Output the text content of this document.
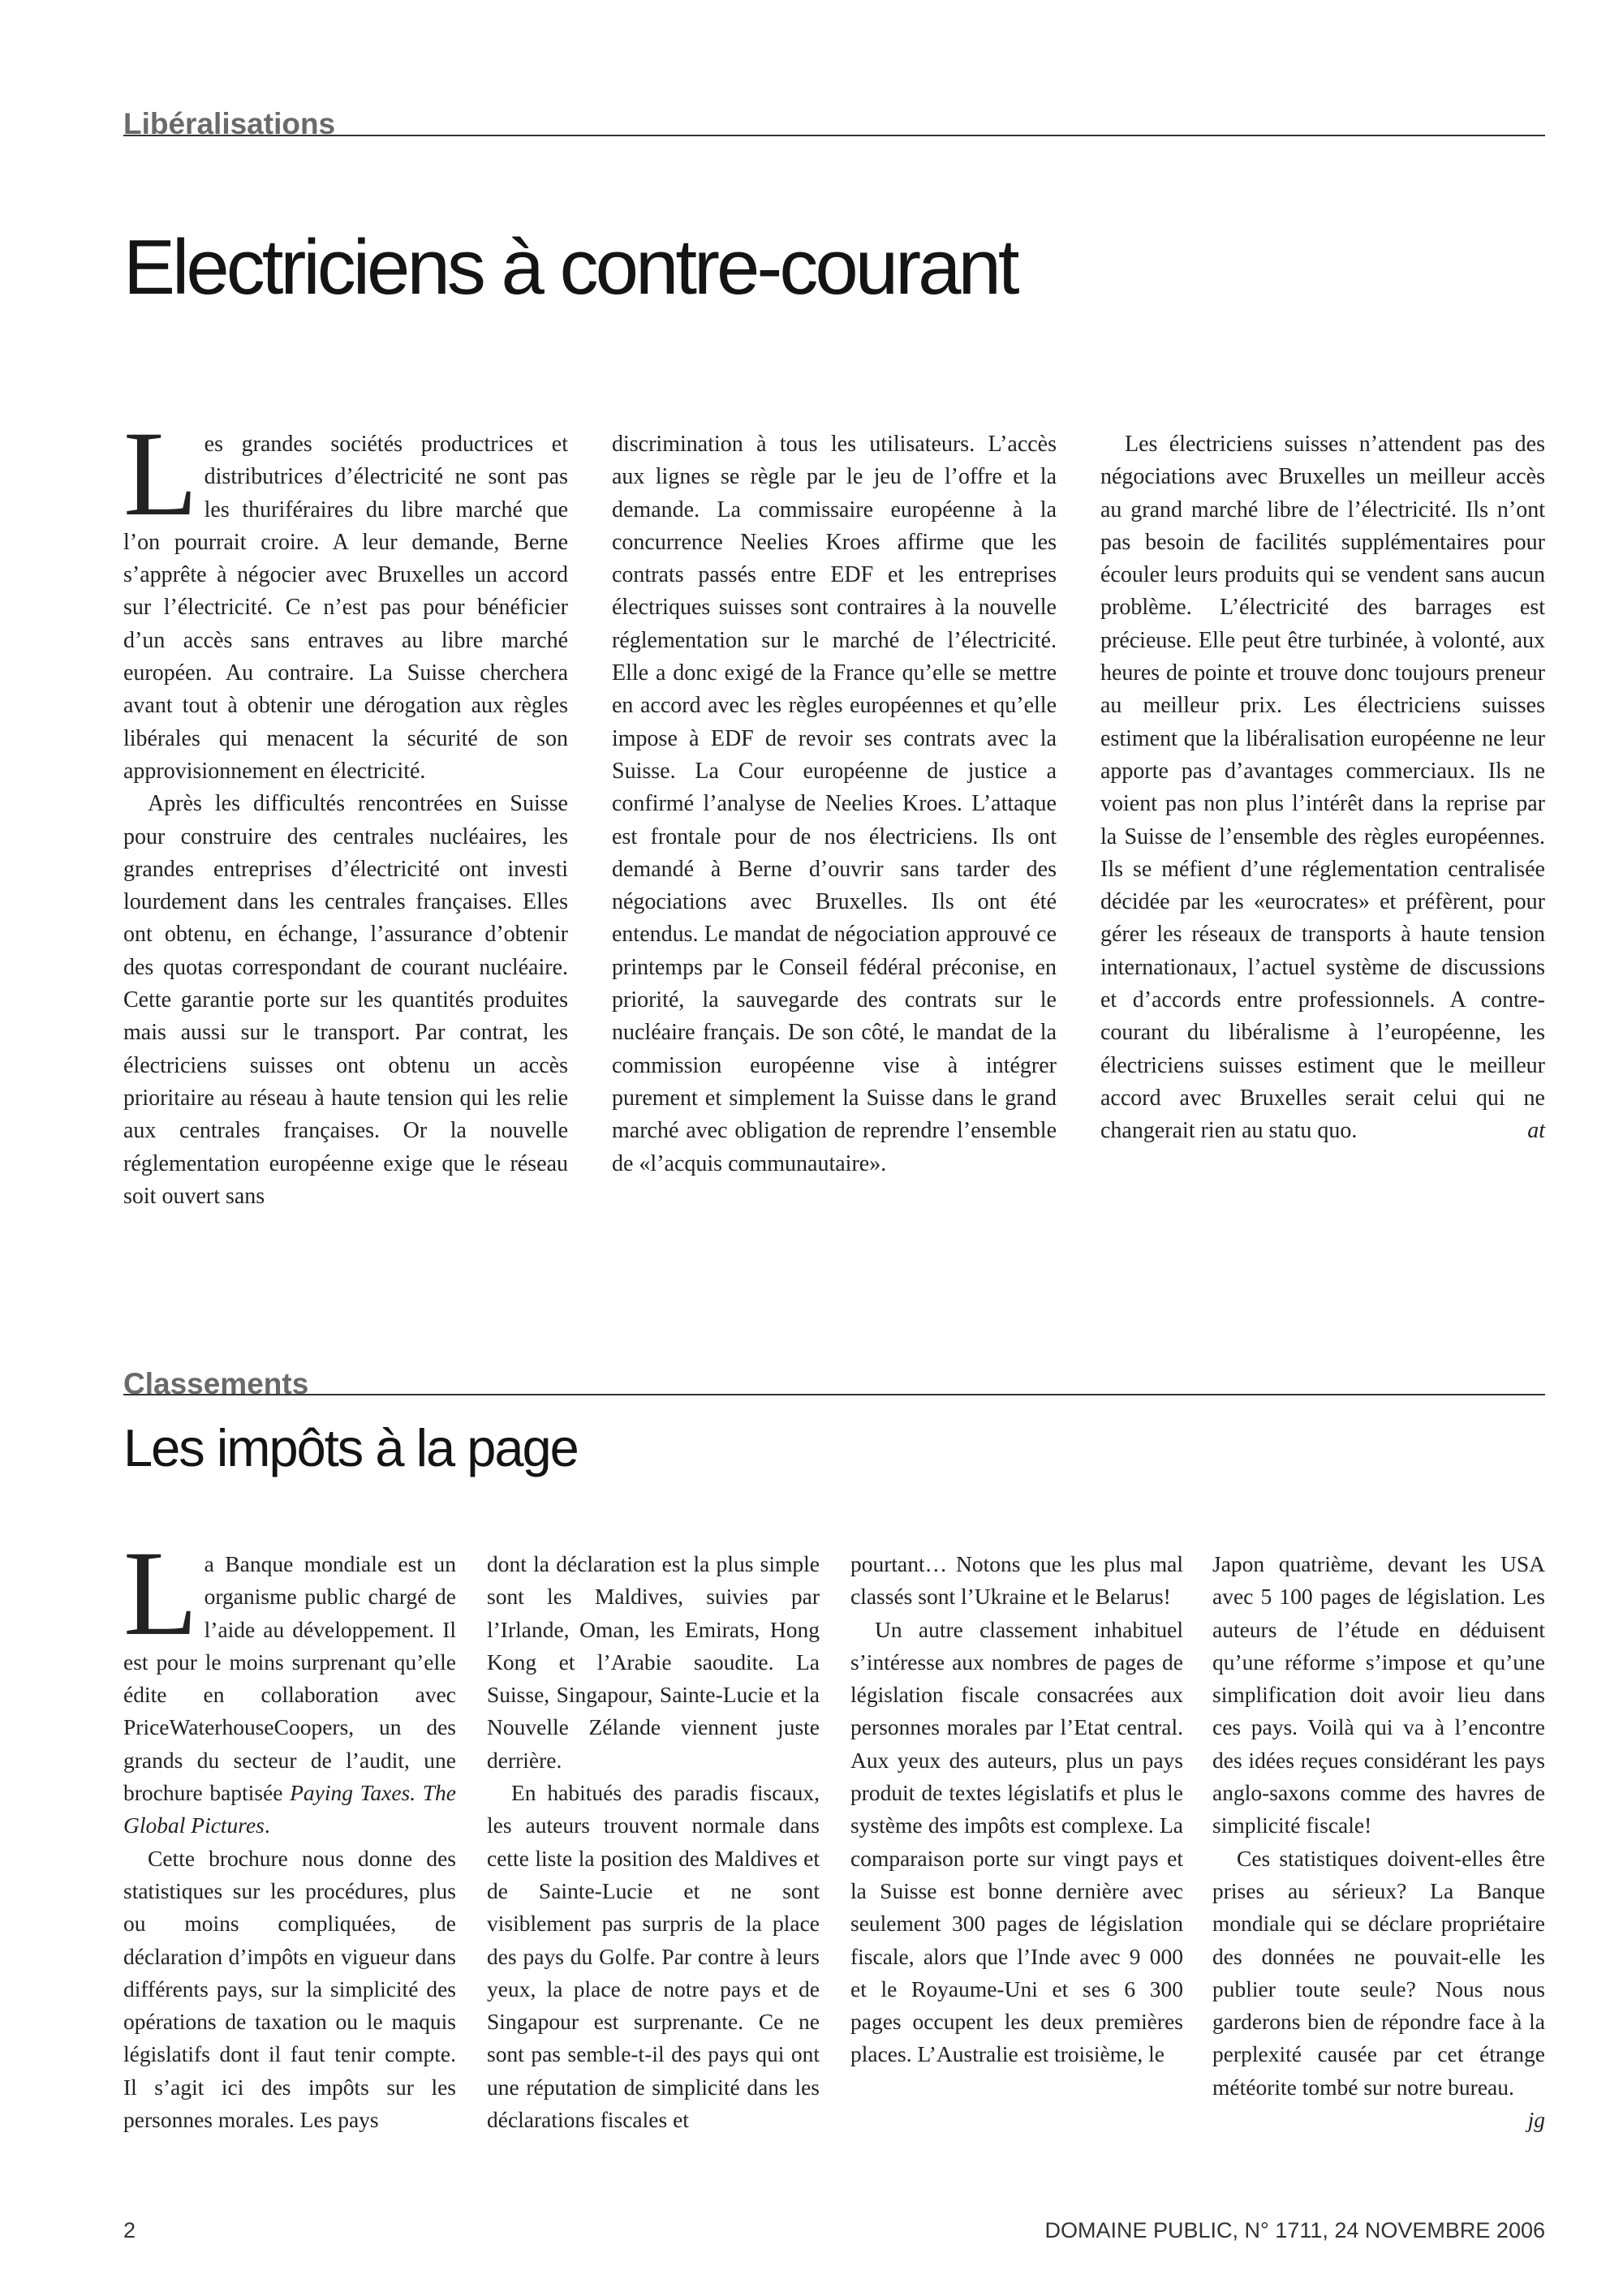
Libéralisations
Electriciens à contre-courant

Les grandes sociétés productrices et distributrices d’électricité ne sont pas les thuriféraires du libre marché que l’on pourrait croire. A leur demande, Berne s’apprête à négocier avec Bruxelles un accord sur l’électricité. Ce n’est pas pour bénéficier d’un accès sans entraves au libre marché européen. Au contraire. La Suisse cherchera avant tout à obtenir une dérogation aux règles libérales qui menacent la sécurité de son approvisionnement en électricité.

Après les difficultés rencontrées en Suisse pour construire des centrales nucléaires, les grandes entreprises d’électricité ont investi lourdement dans les centrales françaises. Elles ont obtenu, en échange, l’assurance d’obtenir des quotas correspondant de courant nucléaire. Cette garantie porte sur les quantités produites mais aussi sur le transport. Par contrat, les électriciens suisses ont obtenu un accès prioritaire au réseau à haute tension qui les relie aux centrales françaises. Or la nouvelle réglementation européenne exige que le réseau soit ouvert sans

discrimination à tous les utilisateurs. L’accès aux lignes se règle par le jeu de l’offre et la demande. La commissaire européenne à la concurrence Neelies Kroes affirme que les contrats passés entre EDF et les entreprises électriques suisses sont contraires à la nouvelle réglementation sur le marché de l’électricité. Elle a donc exigé de la France qu’elle se mettre en accord avec les règles européennes et qu’elle impose à EDF de revoir ses contrats avec la Suisse. La Cour européenne de justice a confirmé l’analyse de Neelies Kroes. L’attaque est frontale pour de nos électriciens. Ils ont demandé à Berne d’ouvrir sans tarder des négociations avec Bruxelles. Ils ont été entendus. Le mandat de négociation approuvé ce printemps par le Conseil fédéral préconise, en priorité, la sauvegarde des contrats sur le nucléaire français. De son côté, le mandat de la commission européenne vise à intégrer purement et simplement la Suisse dans le grand marché avec obligation de reprendre l’ensemble de «l’acquis communautaire».

Les électriciens suisses n’attendent pas des négociations avec Bruxelles un meilleur accès au grand marché libre de l’électricité. Ils n’ont pas besoin de facilités supplémentaires pour écouler leurs produits qui se vendent sans aucun problème. L’électricité des barrages est précieuse. Elle peut être turbinée, à volonté, aux heures de pointe et trouve donc toujours preneur au meilleur prix. Les électriciens suisses estiment que la libéralisation européenne ne leur apporte pas d’avantages commerciaux. Ils ne voient pas non plus l’intérêt dans la reprise par la Suisse de l’ensemble des règles européennes. Ils se méfient d’une réglementation centralisée décidée par les «eurocrates» et préfèrent, pour gérer les réseaux de transports à haute tension internationaux, l’actuel système de discussions et d’accords entre professionnels. A contre-courant du libéralisme à l’européenne, les électriciens suisses estiment que le meilleur accord avec Bruxelles serait celui qui ne changerait rien au statu quo.	at

Classements
Les impôts à la page

La Banque mondiale est un organisme public chargé de l’aide au développement. Il est pour le moins surprenant qu’elle édite en collaboration avec PriceWaterhouseCoopers, un des grands du secteur de l’audit, une brochure baptisée Paying Taxes. The Global Pictures.

Cette brochure nous donne des statistiques sur les procédures, plus ou moins compliquées, de déclaration d’impôts en vigueur dans différents pays, sur la simplicité des opérations de taxation ou le maquis législatifs dont il faut tenir compte. Il s’agit ici des impôts sur les personnes morales. Les pays

dont la déclaration est la plus simple sont les Maldives, suivies par l’Irlande, Oman, les Emirats, Hong Kong et l’Arabie saoudite. La Suisse, Singapour, Sainte-Lucie et la Nouvelle Zélande viennent juste derrière.

En habitués des paradis fiscaux, les auteurs trouvent normale dans cette liste la position des Maldives et de Sainte-Lucie et ne sont visiblement pas surpris de la place des pays du Golfe. Par contre à leurs yeux, la place de notre pays et de Singapour est surprenante. Ce ne sont pas semble-t-il des pays qui ont une réputation de simplicité dans les déclarations fiscales et

pourtant… Notons que les plus mal classés sont l’Ukraine et le Belarus!

Un autre classement inhabituel s’intéresse aux nombres de pages de législation fiscale consacrées aux personnes morales par l’Etat central. Aux yeux des auteurs, plus un pays produit de textes législatifs et plus le système des impôts est complexe. La comparaison porte sur vingt pays et la Suisse est bonne dernière avec seulement 300 pages de législation fiscale, alors que l’Inde avec 9 000 et le Royaume-Uni et ses 6 300 pages occupent les deux premières places. L’Australie est troisième, le

Japon quatrième, devant les USA avec 5 100 pages de législation. Les auteurs de l’étude en déduisent qu’une réforme s’impose et qu’une simplification doit avoir lieu dans ces pays. Voilà qui va à l’encontre des idées reçues considérant les pays anglo-saxons comme des havres de simplicité fiscale!

Ces statistiques doivent-elles être prises au sérieux? La Banque mondiale qui se déclare propriétaire des données ne pouvait-elle les publier toute seule? Nous nous garderons bien de répondre face à la perplexité causée par cet étrange météorite tombé sur notre bureau.
jg

2	DOMAINE PUBLIC, N° 1711, 24 NOVEMBRE 2006
